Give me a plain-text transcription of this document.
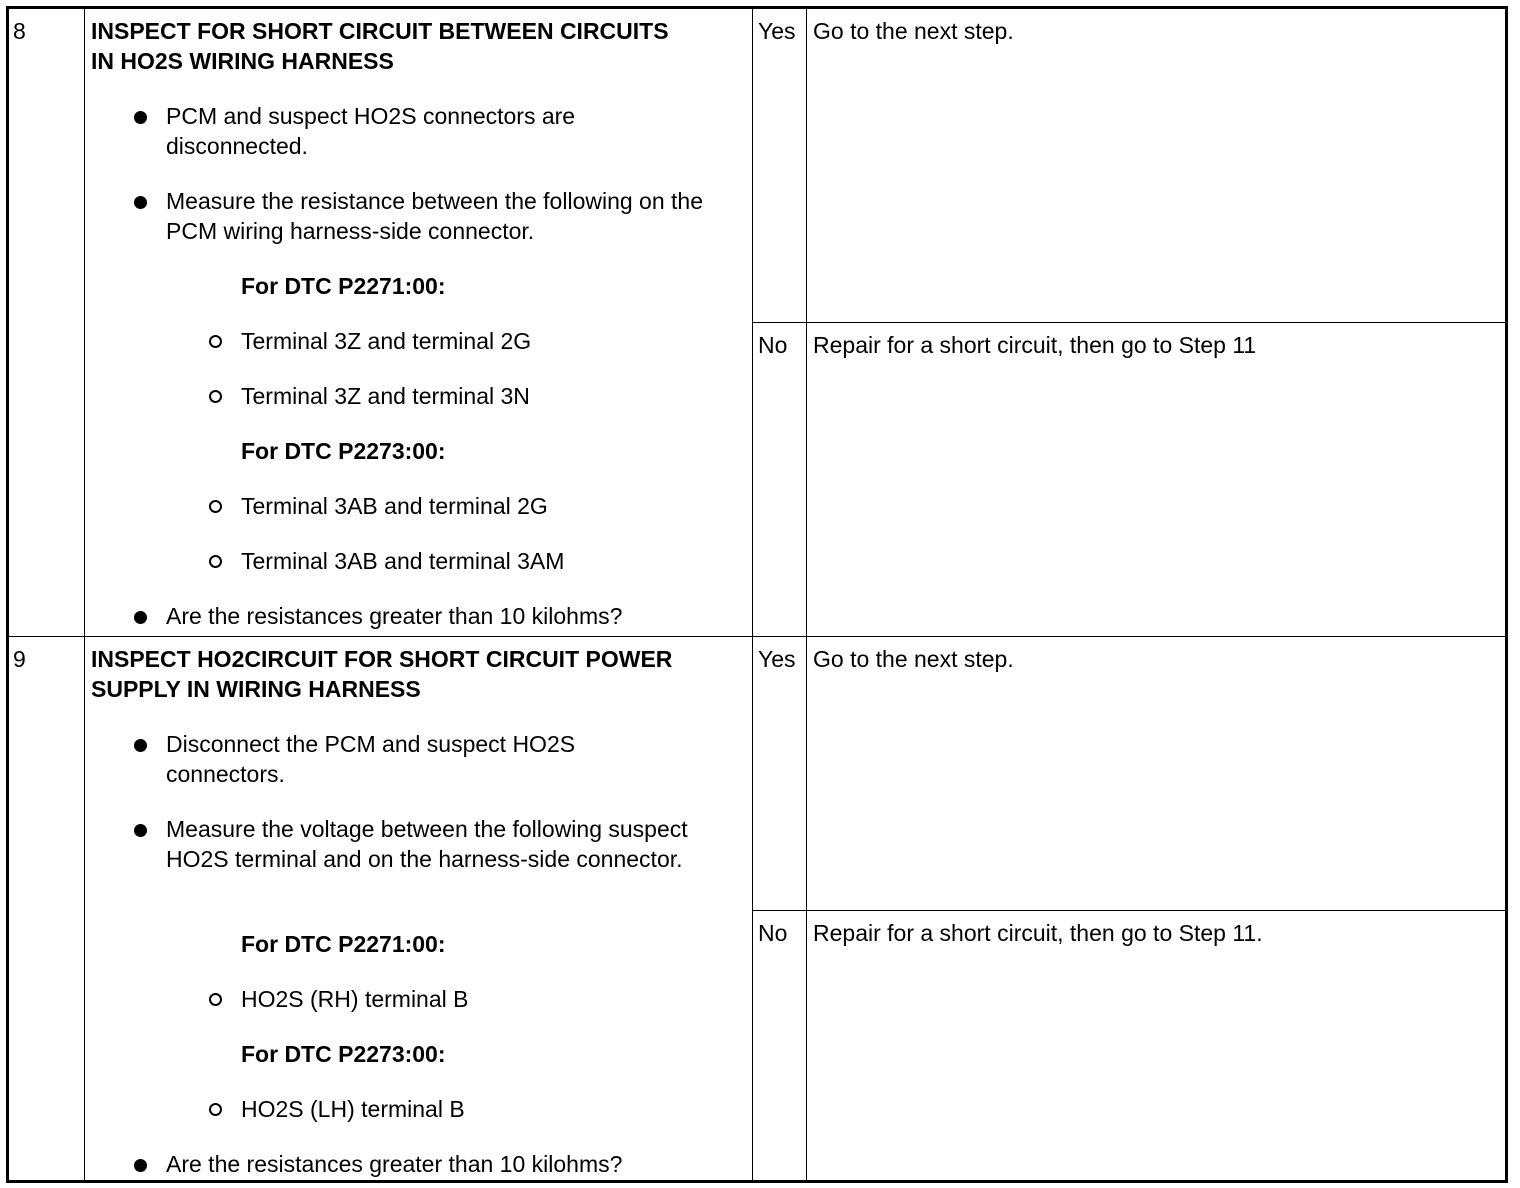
8	INSPECT FOR SHORT CIRCUIT BETWEEN CIRCUITS
IN HO2S WIRING HARNESS
PCM and suspect HO2S connectors are disconnected.
Measure the resistance between the following on the PCM wiring harness-side connector.
For DTC P2271:00:
Terminal 3Z and terminal 2G
Terminal 3Z and terminal 3N
For DTC P2273:00:
Terminal 3AB and terminal 2G
Terminal 3AB and terminal 3AM
Are the resistances greater than 10 kilohms?
Yes Go to the next step.
No Repair for a short circuit, then go to Step 11
9	INSPECT HO2CIRCUIT FOR SHORT CIRCUIT POWER
SUPPLY IN WIRING HARNESS
Disconnect the PCM and suspect HO2S connectors.
Measure the voltage between the following suspect HO2S terminal and on the harness-side connector.
For DTC P2271:00:
HO2S (RH) terminal B
For DTC P2273:00:
HO2S (LH) terminal B
Are the resistances greater than 10 kilohms?
Yes Go to the next step.
No Repair for a short circuit, then go to Step 11.
